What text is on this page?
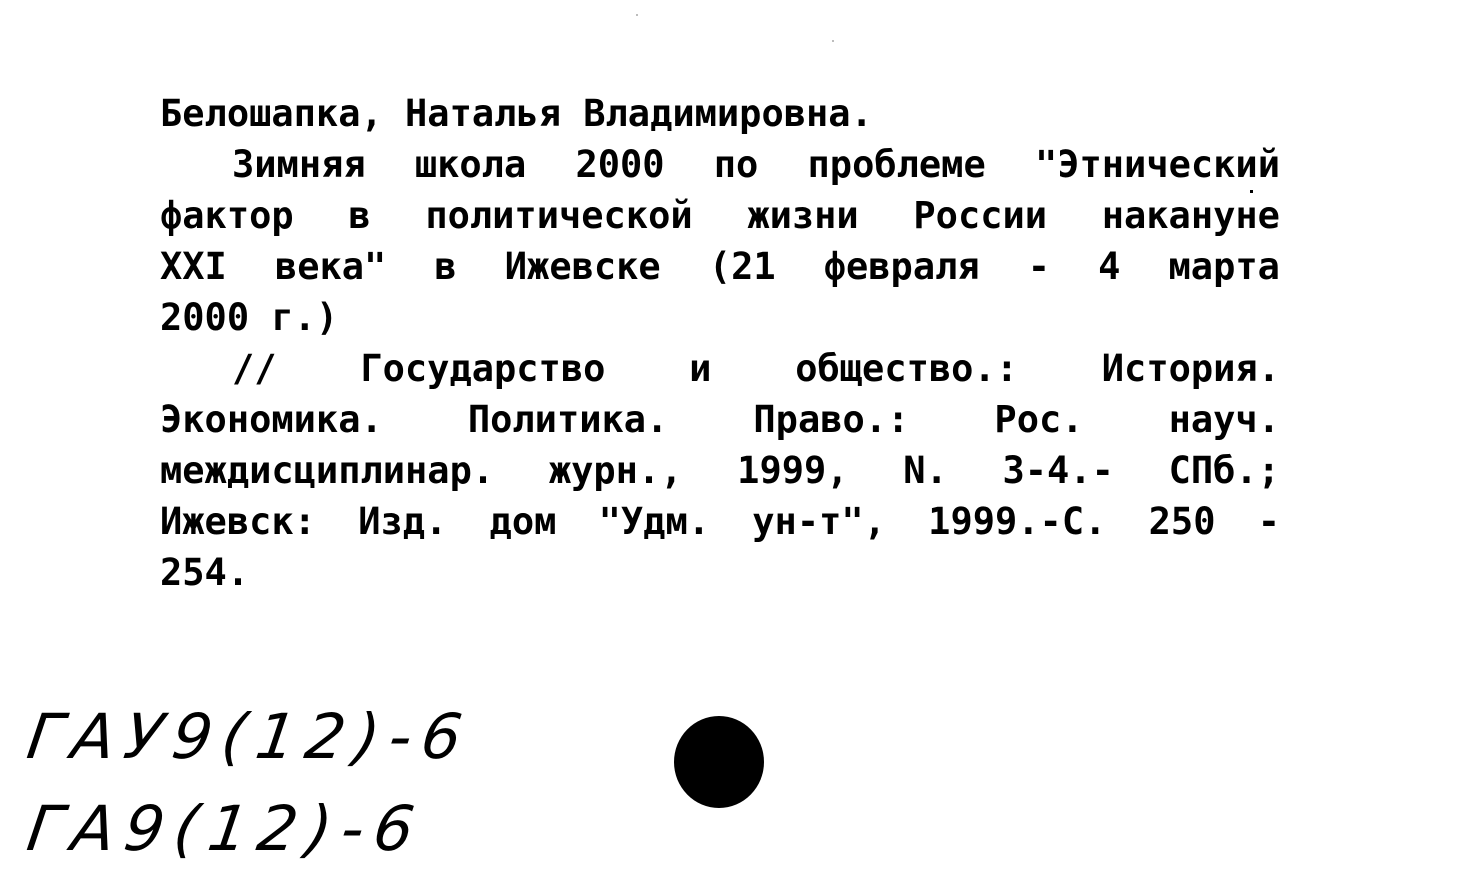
Белошапка, Наталья Владимировна.
Зимняя школа 2000 по проблеме "Этнический
фактор в политической жизни России накануне
XXI века" в Ижевске (21 февраля - 4 марта
2000 г.)
// Государство и общество.: История.
Экономика. Политика. Право.: Рос. науч.
междисциплинар. журн., 1999, N. 3-4.- СПб.;
Ижевск: Изд. дом "Удм. ун-т", 1999.-С. 250 -
254.
ГАУ9(12)-6
ГА9(12)-6
